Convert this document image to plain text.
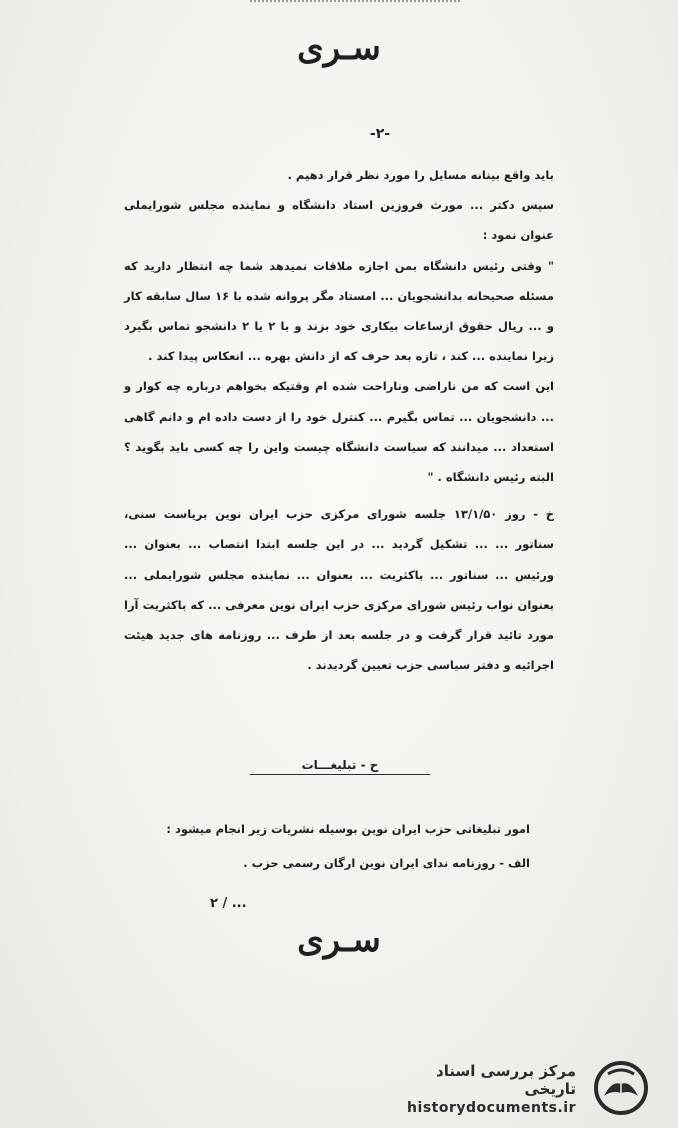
سـری
-۲-

باید واقع بینانه مسایل را مورد نظر قرار دهیم .

سپس دکتر ... مورث فروزین استاد دانشگاه و نماینده مجلس شورایملی عنوان نمود :

" وقتی رئیس دانشگاه بمن اجازه ملاقات نمیدهد شما چه انتظار دارید که مسئله صحیحانه بدانشجویان ... امستاد مگر پروانه شده با ۱۶ سال سابقه کار و ... ریال حقوق ازساعات بیکاری خود بزند و با ۲ یا ۲ دانشجو تماس بگیرد زیرا نماینده ... کند ، تازه بعد حرف که از دانش بهره ... انعکاس پیدا کند .

این است که من ناراضی وناراحت شده ام وقتیکه بخواهم درباره چه کوار و ... دانشجویان ... تماس بگیرم ... کنترل خود را از دست داده ام و دانم گاهی استعداد ... میدانند که سیاست دانشگاه چیست واین را چه کسی باید بگوید ؟ البته رئیس دانشگاه . "

خ - روز ۱۳/۱/۵۰ جلسه شورای مرکزی حزب ایران نوین بریاست سنی، سناتور ... ... تشکیل گردید ... در این جلسه ابتدا انتصاب ... بعنوان ... ورئیس ... سناتور ... باکثریت ... بعنوان ... نماینده مجلس شورایملی ... بعنوان نواب رئیس شورای مرکزی حزب ایران نوین معرفی ... که باکثریت آرا مورد تائید قرار گرفت و در جلسه بعد از طرف ... روزنامه های جدید هیئت اجرائیه و دفتر سیاسی حزب تعیین گردیدند .

ح - تبلیغـــات

امور تبلیغاتی حزب ایران نوین بوسیله نشریات زیر انجام میشود :

الف - روزنامه ندای ایران نوین ارگان رسمی حزب .

۲ / ...
سـری
مرکز بررسی اسناد تاریخی
historydocuments.ir
